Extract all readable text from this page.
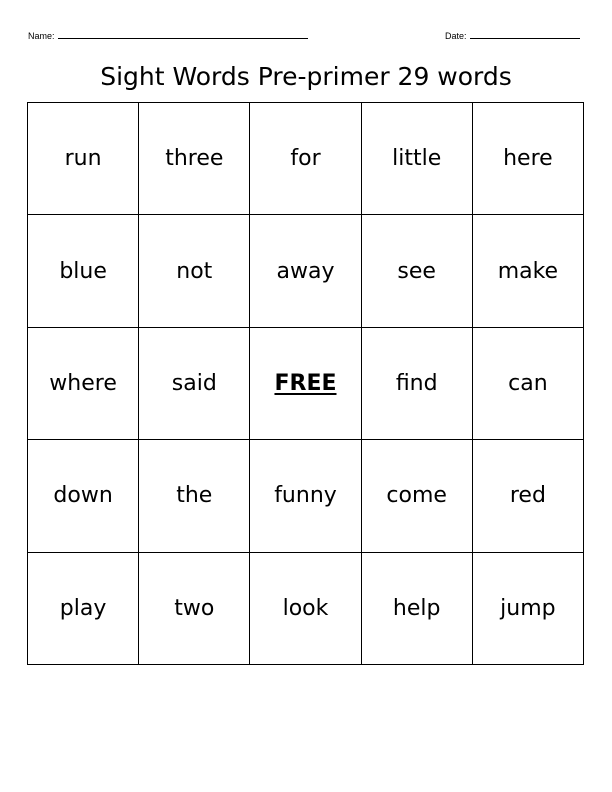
Name:	Date:
Sight Words Pre-primer 29 words
run	three	for	little	here
blue	not	away	see	make
where	said	FREE	find	can
down	the	funny	come	red
play	two	look	help	jump
